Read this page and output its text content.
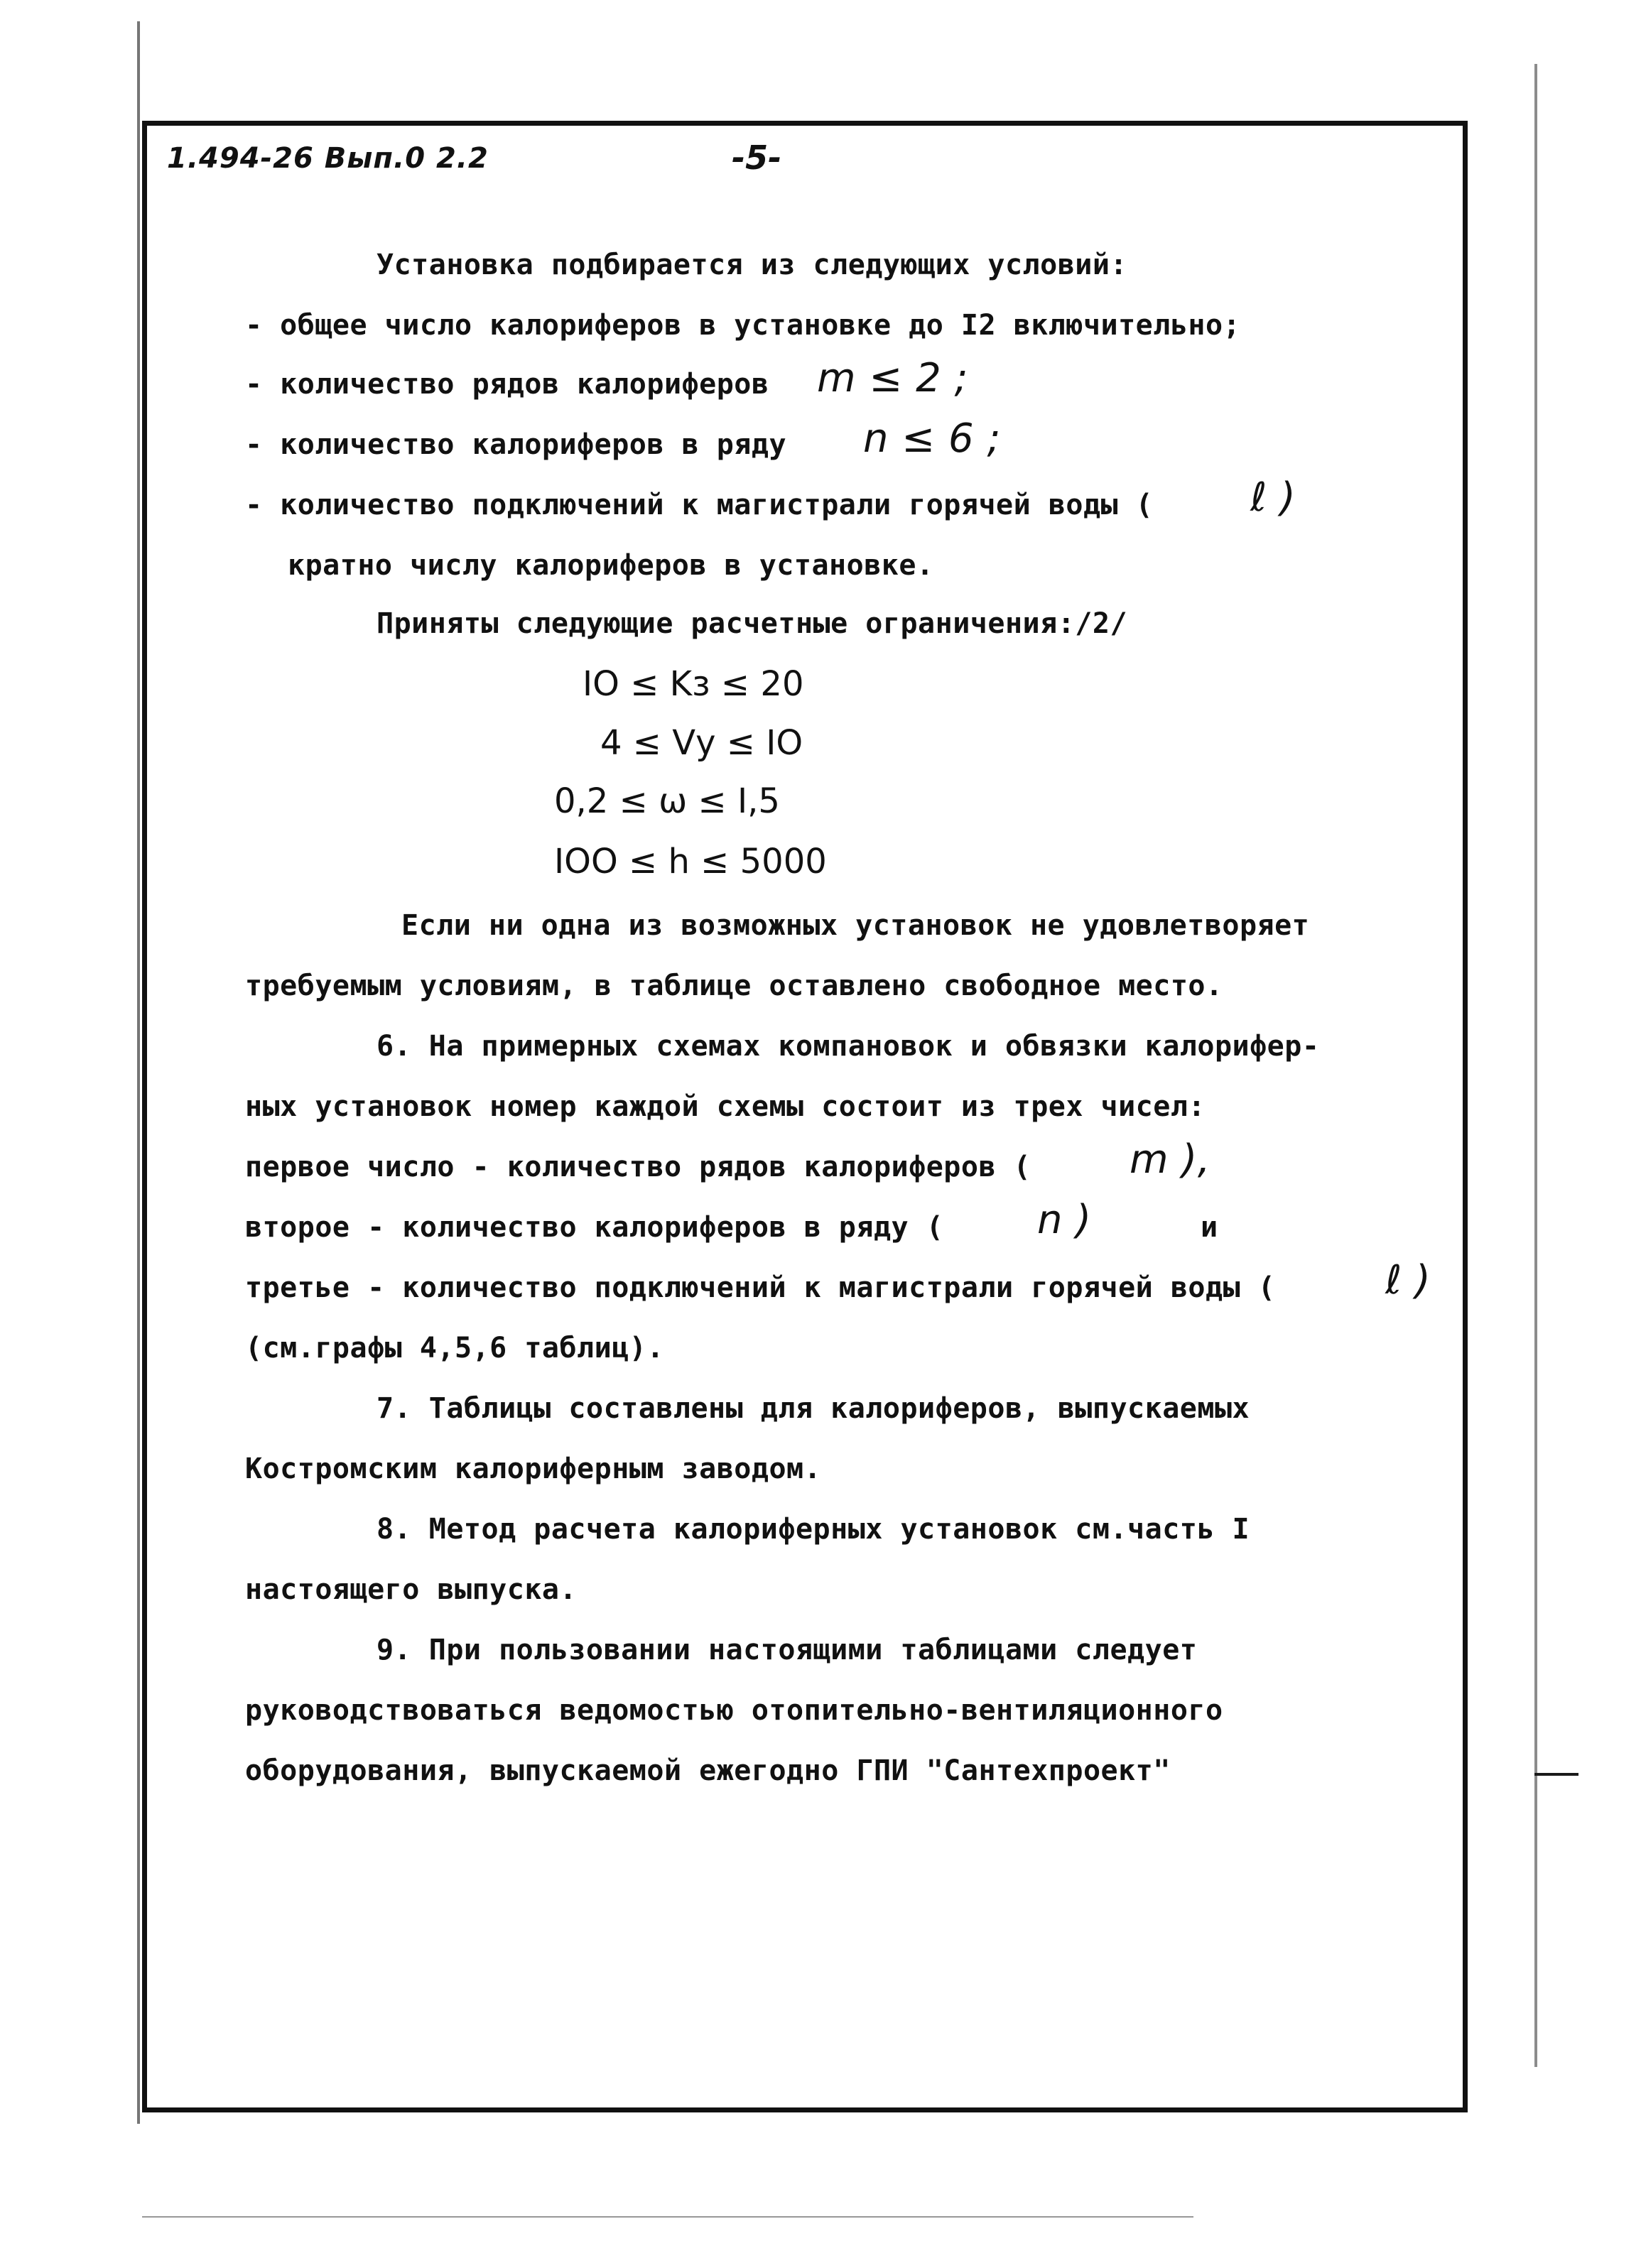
1.494-26 Вып.0 2.2	-5-
Установка подбирается из следующих условий:
- общее число калориферов в установке до I2 включительно;
- количество рядов калориферов m ≤ 2 ;
- количество калориферов в ряду n ≤ 6 ;
- количество подключений к магистрали горячей воды ( ℓ )
кратно числу калориферов в установке.
Приняты следующие расчетные ограничения:/2/
IO ≤ Kз ≤ 20
4 ≤ Vу ≤ IO
0,2 ≤ ω ≤ I,5
IOO ≤ h ≤ 5000
Если ни одна из возможных установок не удовлетворяет
требуемым условиям, в таблице оставлено свободное место.
6. На примерных схемах компановок и обвязки калорифер-
ных установок номер каждой схемы состоит из трех чисел:
первое число - количество рядов калориферов ( m ),
второе - количество калориферов в ряду ( n )	и
третье - количество подключений к магистрали горячей воды (	ℓ )
(см.графы 4,5,6 таблиц).
7. Таблицы составлены для калориферов, выпускаемых
Костромским калориферным заводом.
8. Метод расчета калориферных установок см.часть I
настоящего выпуска.
9. При пользовании настоящими таблицами следует
руководствоваться ведомостью отопительно-вентиляционного
оборудования, выпускаемой ежегодно ГПИ "Сантехпроект"
